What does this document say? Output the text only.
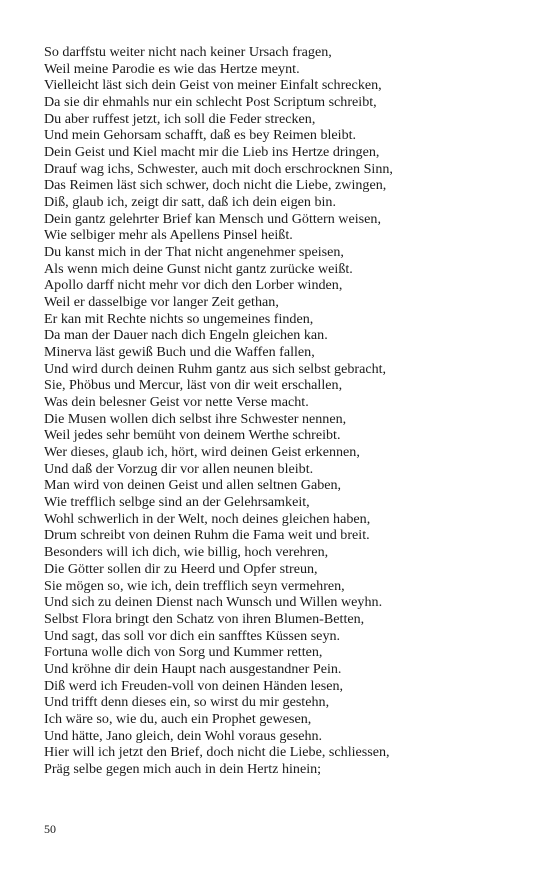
So darffstu weiter nicht nach keiner Ursach fragen,
Weil meine Parodie es wie das Hertze meynt.
Vielleicht läst sich dein Geist von meiner Einfalt schrecken,
Da sie dir ehmahls nur ein schlecht Post Scriptum schreibt,
Du aber ruffest jetzt, ich soll die Feder strecken,
Und mein Gehorsam schafft, daß es bey Reimen bleibt.
Dein Geist und Kiel macht mir die Lieb ins Hertze dringen,
Drauf wag ichs, Schwester, auch mit doch erschrocknen Sinn,
Das Reimen läst sich schwer, doch nicht die Liebe, zwingen,
Diß, glaub ich, zeigt dir satt, daß ich dein eigen bin.
Dein gantz gelehrter Brief kan Mensch und Göttern weisen,
Wie selbiger mehr als Apellens Pinsel heißt.
Du kanst mich in der That nicht angenehmer speisen,
Als wenn mich deine Gunst nicht gantz zurücke weißt.
Apollo darff nicht mehr vor dich den Lorber winden,
Weil er dasselbige vor langer Zeit gethan,
Er kan mit Rechte nichts so ungemeines finden,
Da man der Dauer nach dich Engeln gleichen kan.
Minerva läst gewiß Buch und die Waffen fallen,
Und wird durch deinen Ruhm gantz aus sich selbst gebracht,
Sie, Phöbus und Mercur, läst von dir weit erschallen,
Was dein belesner Geist vor nette Verse macht.
Die Musen wollen dich selbst ihre Schwester nennen,
Weil jedes sehr bemüht von deinem Werthe schreibt.
Wer dieses, glaub ich, hört, wird deinen Geist erkennen,
Und daß der Vorzug dir vor allen neunen bleibt.
Man wird von deinen Geist und allen seltnen Gaben,
Wie trefflich selbge sind an der Gelehrsamkeit,
Wohl schwerlich in der Welt, noch deines gleichen haben,
Drum schreibt von deinen Ruhm die Fama weit und breit.
Besonders will ich dich, wie billig, hoch verehren,
Die Götter sollen dir zu Heerd und Opfer streun,
Sie mögen so, wie ich, dein trefflich seyn vermehren,
Und sich zu deinen Dienst nach Wunsch und Willen weyhn.
Selbst Flora bringt den Schatz von ihren Blumen-Betten,
Und sagt, das soll vor dich ein sanfftes Küssen seyn.
Fortuna wolle dich von Sorg und Kummer retten,
Und kröhne dir dein Haupt nach ausgestandner Pein.
Diß werd ich Freuden-voll von deinen Händen lesen,
Und trifft denn dieses ein, so wirst du mir gestehn,
Ich wäre so, wie du, auch ein Prophet gewesen,
Und hätte, Jano gleich, dein Wohl voraus gesehn.
Hier will ich jetzt den Brief, doch nicht die Liebe, schliessen,
Präg selbe gegen mich auch in dein Hertz hinein;
50
